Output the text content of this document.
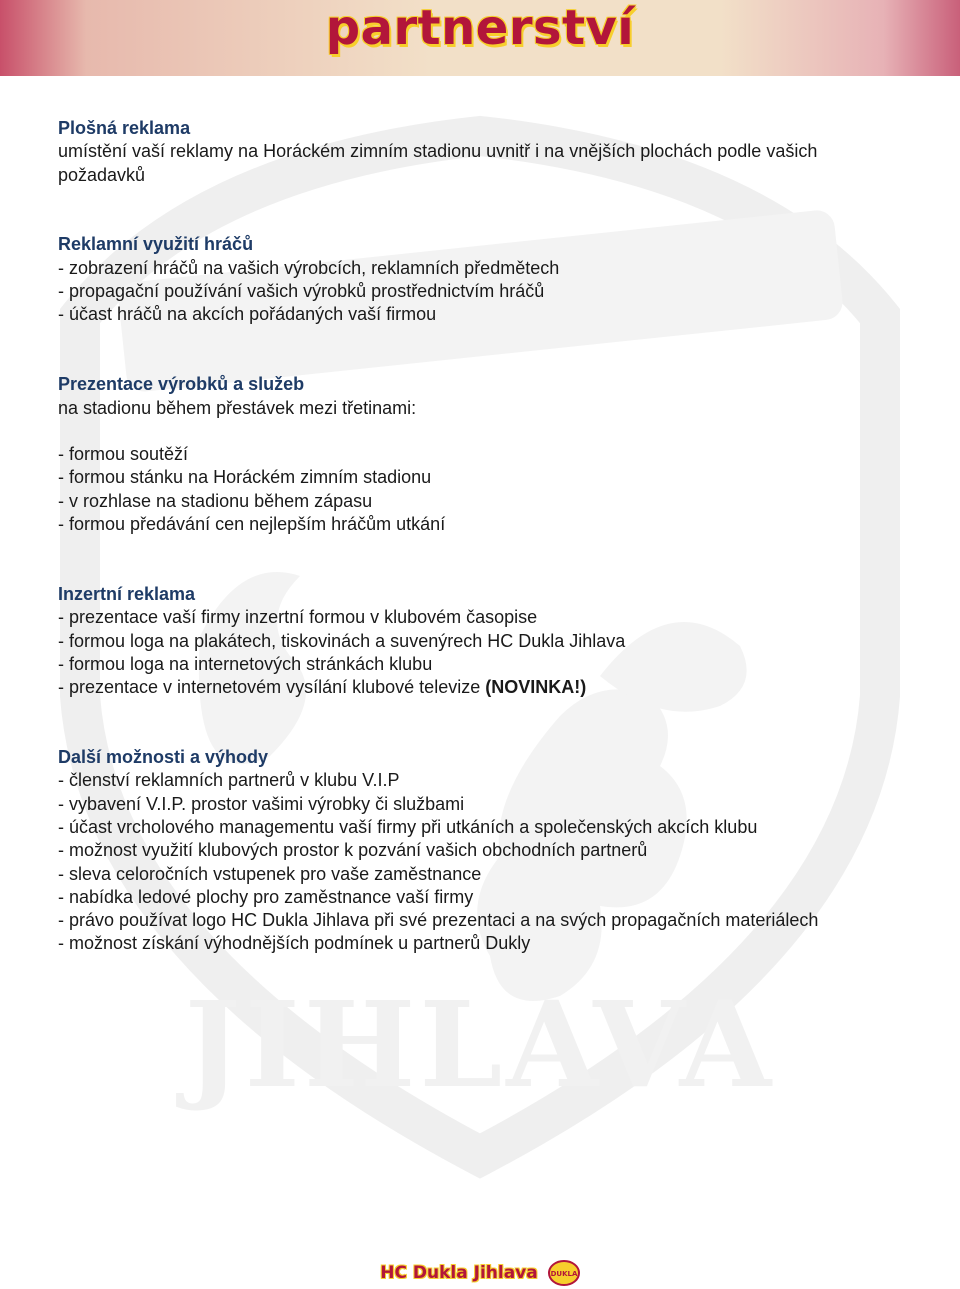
partnerství
JIHLAVA
Plošná reklama
umístění vaší reklamy na Horáckém zimním stadionu uvnitř i na vnějších plochách podle vašich
požadavků
Reklamní využití hráčů
- zobrazení hráčů na vašich výrobcích, reklamních předmětech
- propagační používání vašich výrobků prostřednictvím hráčů
- účast hráčů na akcích pořádaných vaší firmou
Prezentace výrobků a služeb
na stadionu během přestávek mezi třetinami:
- formou soutěží
- formou stánku na Horáckém zimním stadionu
- v rozhlase na stadionu během zápasu
- formou předávání cen nejlepším hráčům utkání
Inzertní reklama
- prezentace vaší firmy inzertní formou v klubovém časopise
- formou loga na plakátech, tiskovinách a suvenýrech HC Dukla Jihlava
- formou loga na internetových stránkách klubu
- prezentace v internetovém vysílání klubové televize (NOVINKA!)
Další možnosti a výhody
- členství reklamních partnerů v klubu V.I.P
- vybavení V.I.P. prostor vašimi výrobky či službami
- účast vrcholového managementu vaší firmy při utkáních a společenských akcích klubu
- možnost využití klubových prostor k pozvání vašich obchodních partnerů
- sleva celoročních vstupenek pro vaše zaměstnance
- nabídka ledové plochy pro zaměstnance vaší firmy
- právo používat logo HC Dukla Jihlava při své prezentaci a na svých propagačních materiálech
- možnost získání výhodnějších podmínek u partnerů Dukly
HC Dukla Jihlava DUKLA
